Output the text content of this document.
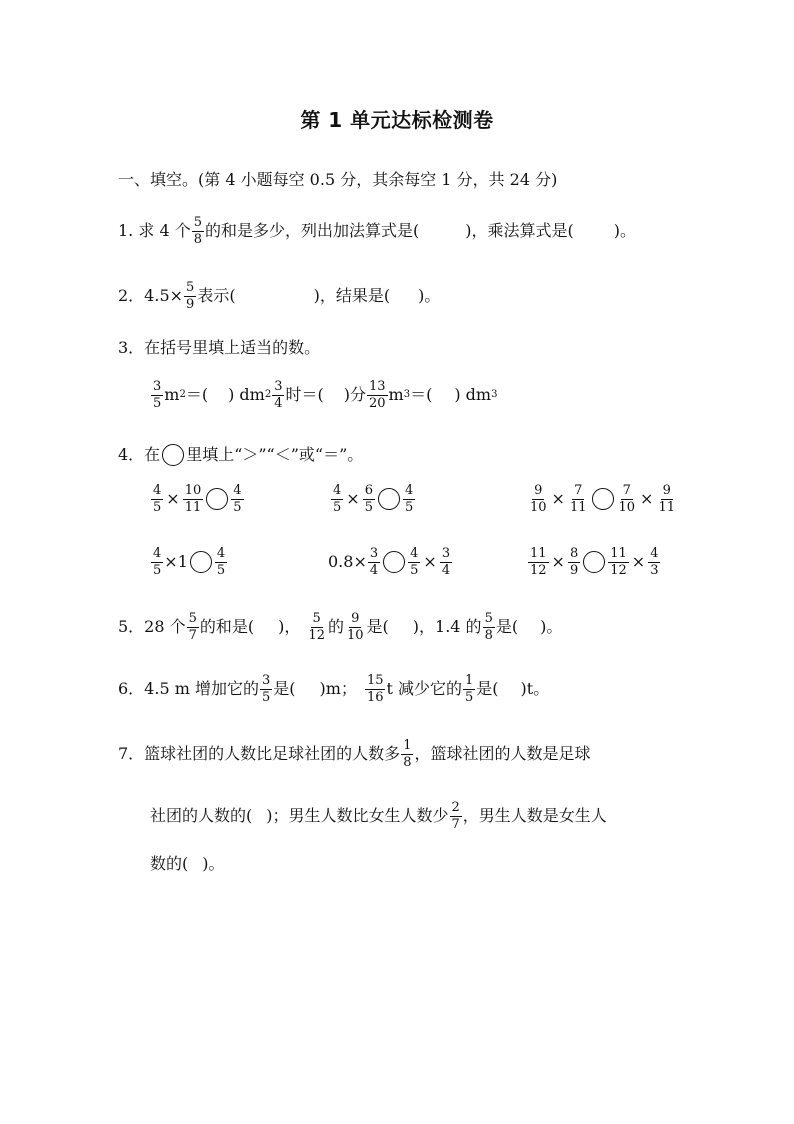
第 1 单元达标检测卷
一、填空。(第 4 小题每空 0.5 分，其余每空 1 分，共 24 分)
1. 求 4 个 $\frac{5}{8}$ 的和是多少，列出加法算式是(	)，乘法算式是(	)。
2．$4.5\times \frac{5}{9}$ 表示(	)，结果是( )。
3．在括号里填上适当的数。
$\frac{3}{5}$ m 2 ＝( ) dm $2 \frac{3}{4}$ 时＝( )分 $\frac{13}{20}$ m 3 ＝( ) dm 3
4．在 里填上“＞”“＜”或“＝”。
$\frac{4}{5} \times \frac{10}{11} \frac{4}{5}$	$\frac{4}{5} \times \frac{6}{5} \frac{4}{5}$	$\frac{9}{10} \times \frac{7}{11} \frac{7}{10} \times \frac{9}{11}$
$\frac{4}{5} \times 1 \frac{4}{5}$	$0.8\times \frac{3}{4} \frac{4}{5} \times \frac{3}{4}$	$\frac{11}{12} \times \frac{8}{9} \frac{11}{12} \times \frac{4}{3}$
5．28 个 $\frac{5}{7}$ 的和是( )， $\frac{5}{12}$ 的 $\frac{9}{10}$ 是( )，1.4 的 $\frac{5}{8}$ 是( )。
6．4.5 m 增加它的 $\frac{3}{5}$ 是( )m； $\frac{15}{16}$ t 减少它的 $\frac{1}{5}$ 是( )t。
7．篮球社团的人数比足球社团的人数多 $\frac{1}{8}$ ，篮球社团的人数是足球
社团的人数的( )；男生人数比女生人数少 $\frac{2}{7}$ ，男生人数是女生人
数的( )。
